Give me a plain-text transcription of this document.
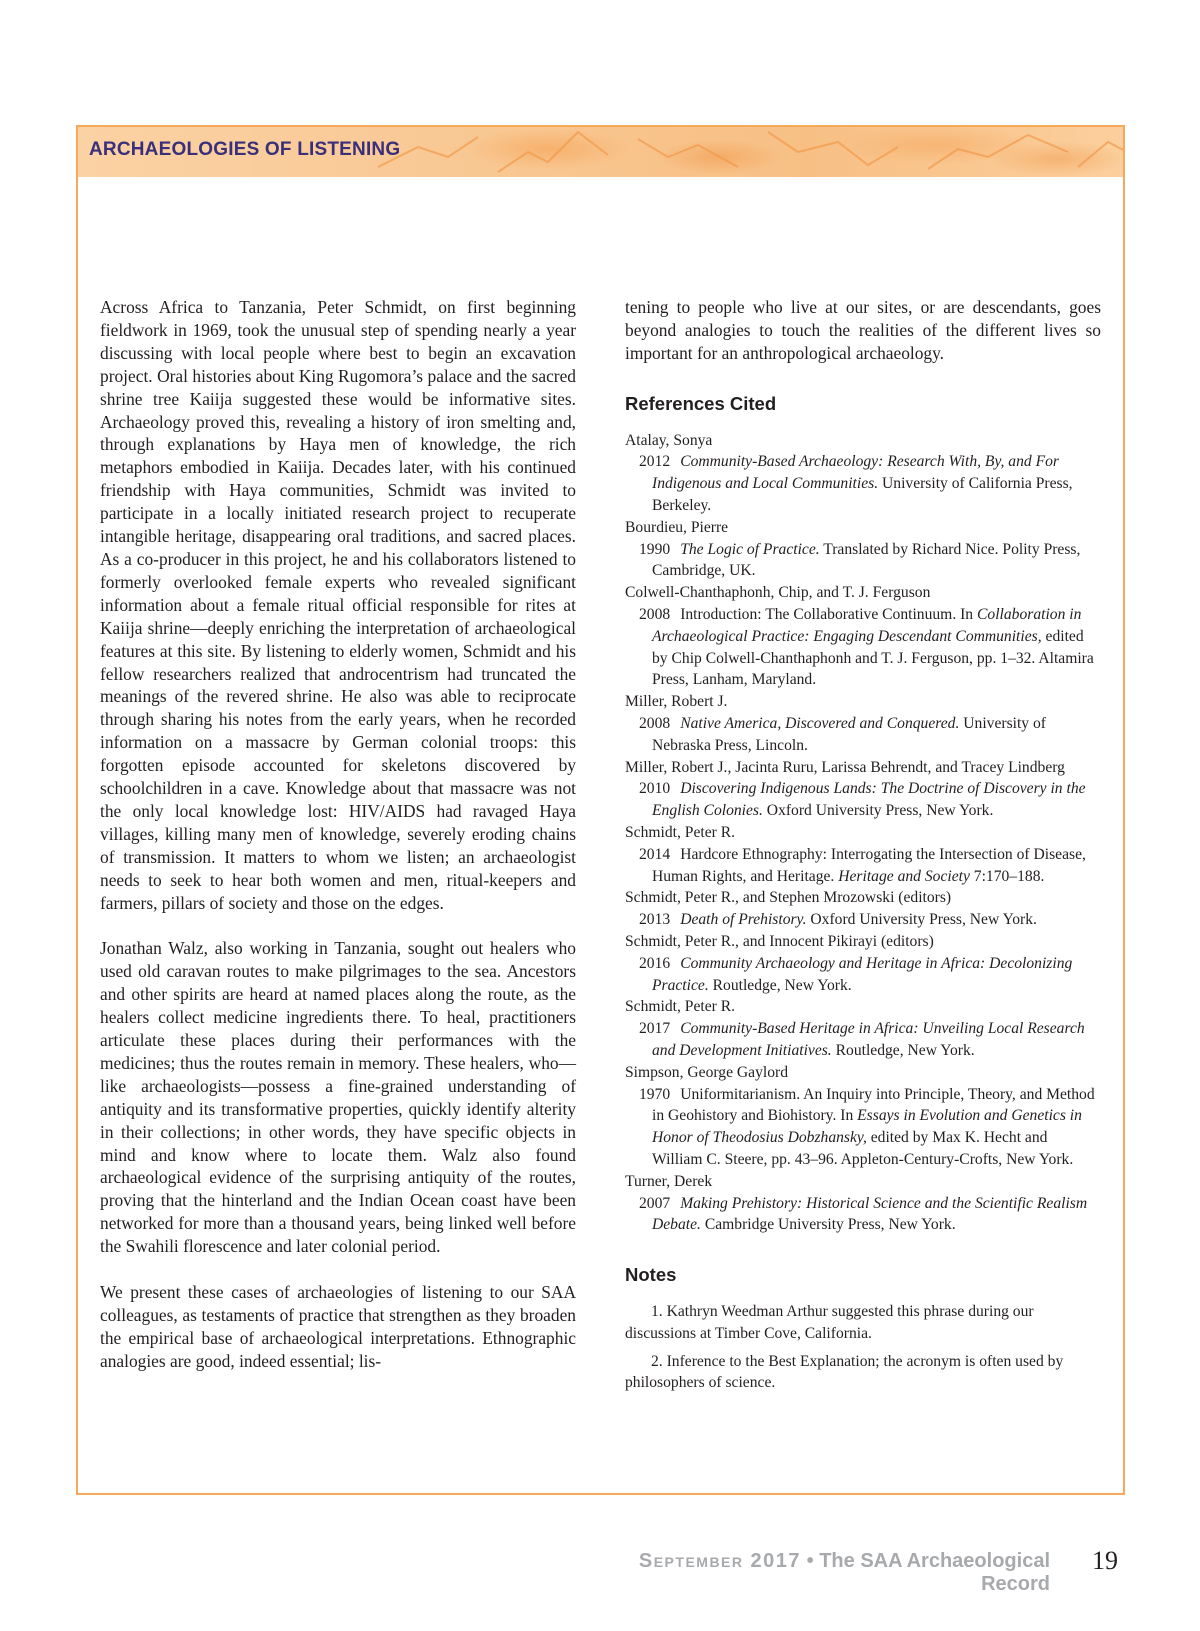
ARCHAEOLOGIES OF LISTENING

Across Africa to Tanzania, Peter Schmidt, on first beginning fieldwork in 1969, took the unusual step of spending nearly a year discussing with local people where best to begin an excavation project. Oral histories about King Rugomora’s palace and the sacred shrine tree Kaiija suggested these would be informative sites. Archaeology proved this, revealing a history of iron smelting and, through explanations by Haya men of knowledge, the rich metaphors embodied in Kaiija. Decades later, with his continued friendship with Haya communities, Schmidt was invited to participate in a locally initiated research project to recuperate intangible heritage, disappearing oral traditions, and sacred places. As a co-producer in this project, he and his collaborators listened to formerly overlooked female experts who revealed significant information about a female ritual official responsible for rites at Kaiija shrine—deeply enriching the interpretation of archaeological features at this site. By listening to elderly women, Schmidt and his fellow researchers realized that androcentrism had truncated the meanings of the revered shrine. He also was able to reciprocate through sharing his notes from the early years, when he recorded information on a massacre by German colonial troops: this forgotten episode accounted for skeletons discovered by schoolchildren in a cave. Knowledge about that massacre was not the only local knowledge lost: HIV/AIDS had ravaged Haya villages, killing many men of knowledge, severely eroding chains of transmission. It matters to whom we listen; an archaeologist needs to seek to hear both women and men, ritual-keepers and farmers, pillars of society and those on the edges.

Jonathan Walz, also working in Tanzania, sought out healers who used old caravan routes to make pilgrimages to the sea. Ancestors and other spirits are heard at named places along the route, as the healers collect medicine ingredients there. To heal, practitioners articulate these places during their performances with the medicines; thus the routes remain in memory. These healers, who—like archaeologists—possess a fine-grained understanding of antiquity and its transformative properties, quickly identify alterity in their collections; in other words, they have specific objects in mind and know where to locate them. Walz also found archaeological evidence of the surprising antiquity of the routes, proving that the hinterland and the Indian Ocean coast have been networked for more than a thousand years, being linked well before the Swahili florescence and later colonial period.

We present these cases of archaeologies of listening to our SAA colleagues, as testaments of practice that strengthen as they broaden the empirical base of archaeological interpretations. Ethnographic analogies are good, indeed essential; lis-

tening to people who live at our sites, or are descendants, goes beyond analogies to touch the realities of the different lives so important for an anthropological archaeology.

References Cited
Atalay, Sonya
2012 Community-Based Archaeology: Research With, By, and For Indigenous and Local Communities. University of California Press, Berkeley.
Bourdieu, Pierre
1990 The Logic of Practice. Translated by Richard Nice. Polity Press, Cambridge, UK.
Colwell-Chanthaphonh, Chip, and T. J. Ferguson
2008 Introduction: The Collaborative Continuum. In Collaboration in Archaeological Practice: Engaging Descendant Communities, edited by Chip Colwell-Chanthaphonh and T. J. Ferguson, pp. 1–32. Altamira Press, Lanham, Maryland.
Miller, Robert J.
2008 Native America, Discovered and Conquered. University of Nebraska Press, Lincoln.
Miller, Robert J., Jacinta Ruru, Larissa Behrendt, and Tracey Lindberg
2010 Discovering Indigenous Lands: The Doctrine of Discovery in the English Colonies. Oxford University Press, New York.
Schmidt, Peter R.
2014 Hardcore Ethnography: Interrogating the Intersection of Disease, Human Rights, and Heritage. Heritage and Society 7:170–188.
Schmidt, Peter R., and Stephen Mrozowski (editors)
2013 Death of Prehistory. Oxford University Press, New York.
Schmidt, Peter R., and Innocent Pikirayi (editors)
2016 Community Archaeology and Heritage in Africa: Decolonizing Practice. Routledge, New York.
Schmidt, Peter R.
2017 Community-Based Heritage in Africa: Unveiling Local Research and Development Initiatives. Routledge, New York.
Simpson, George Gaylord
1970 Uniformitarianism. An Inquiry into Principle, Theory, and Method in Geohistory and Biohistory. In Essays in Evolution and Genetics in Honor of Theodosius Dobzhansky, edited by Max K. Hecht and William C. Steere, pp. 43–96. Appleton-Century-Crofts, New York.
Turner, Derek
2007 Making Prehistory: Historical Science and the Scientific Realism Debate. Cambridge University Press, New York.
Notes

1. Kathryn Weedman Arthur suggested this phrase during our discussions at Timber Cove, California.

2. Inference to the Best Explanation; the acronym is often used by philosophers of science.

September 2017 • The SAA Archaeological Record
19
